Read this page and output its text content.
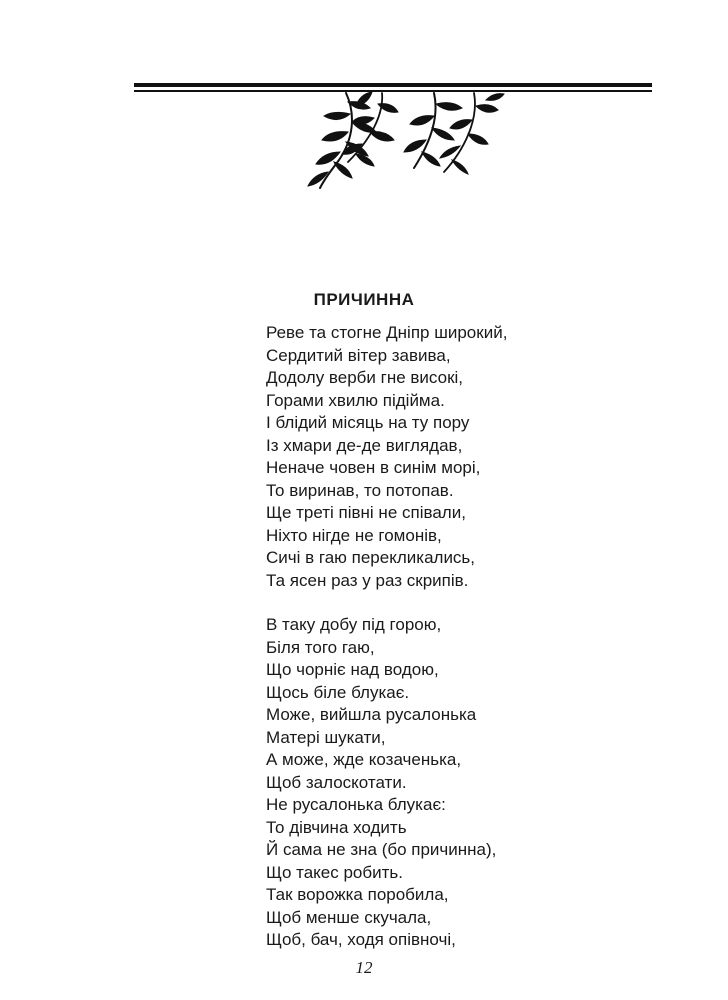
ПРИЧИННА
Реве та стогне Дніпр широкий,
Сердитий вітер завива,
Додолу верби гне високі,
Горами хвилю підійма.
І блідий місяць на ту пору
Із хмари де-де виглядав,
Неначе човен в синім морі,
То виринав, то потопав.
Ще треті півні не співали,
Ніхто нігде не гомонів,
Сичі в гаю перекликались,
Та ясен раз у раз скрипів.
В таку добу під горою,
Біля того гаю,
Що чорніє над водою,
Щось біле блукає.
Може, вийшла русалонька
Матері шукати,
А може, жде козаченька,
Щоб залоскотати.
Не русалонька блукає:
То дівчина ходить
Й сама не зна (бо причинна),
Що такес робить.
Так ворожка поробила,
Щоб менше скучала,
Щоб, бач, ходя опівночі,
12
